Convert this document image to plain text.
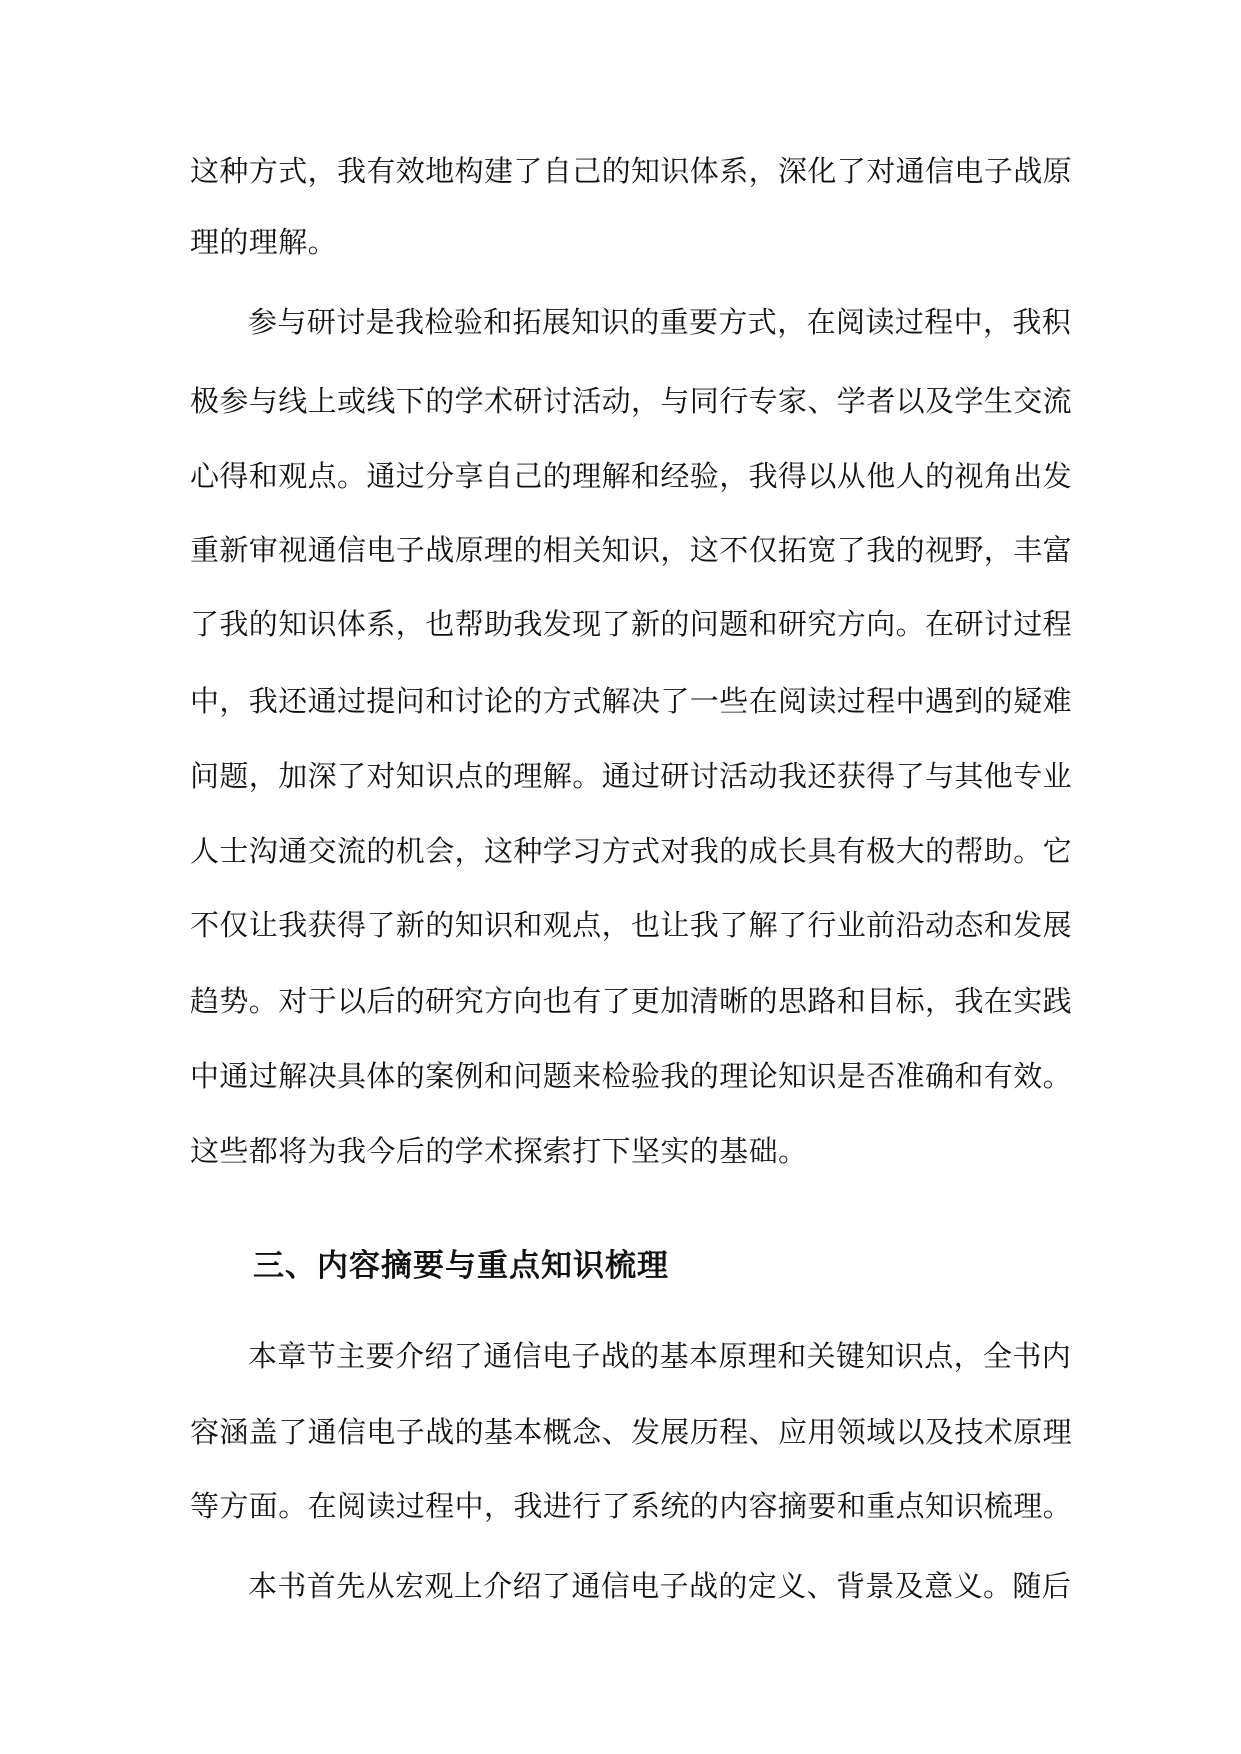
这种方式，我有效地构建了自己的知识体系，深化了对通信电子战原
理的理解。
参与研讨是我检验和拓展知识的重要方式，在阅读过程中，我积
极参与线上或线下的学术研讨活动，与同行专家、学者以及学生交流
心得和观点。通过分享自己的理解和经验，我得以从他人的视角出发
重新审视通信电子战原理的相关知识，这不仅拓宽了我的视野，丰富
了我的知识体系，也帮助我发现了新的问题和研究方向。在研讨过程
中，我还通过提问和讨论的方式解决了一些在阅读过程中遇到的疑难
问题，加深了对知识点的理解。通过研讨活动我还获得了与其他专业
人士沟通交流的机会，这种学习方式对我的成长具有极大的帮助。它
不仅让我获得了新的知识和观点，也让我了解了行业前沿动态和发展
趋势。对于以后的研究方向也有了更加清晰的思路和目标，我在实践
中通过解决具体的案例和问题来检验我的理论知识是否准确和有效。
这些都将为我今后的学术探索打下坚实的基础。
三、内容摘要与重点知识梳理
本章节主要介绍了通信电子战的基本原理和关键知识点，全书内
容涵盖了通信电子战的基本概念、发展历程、应用领域以及技术原理
等方面。在阅读过程中，我进行了系统的内容摘要和重点知识梳理。
本书首先从宏观上介绍了通信电子战的定义、背景及意义。随后
